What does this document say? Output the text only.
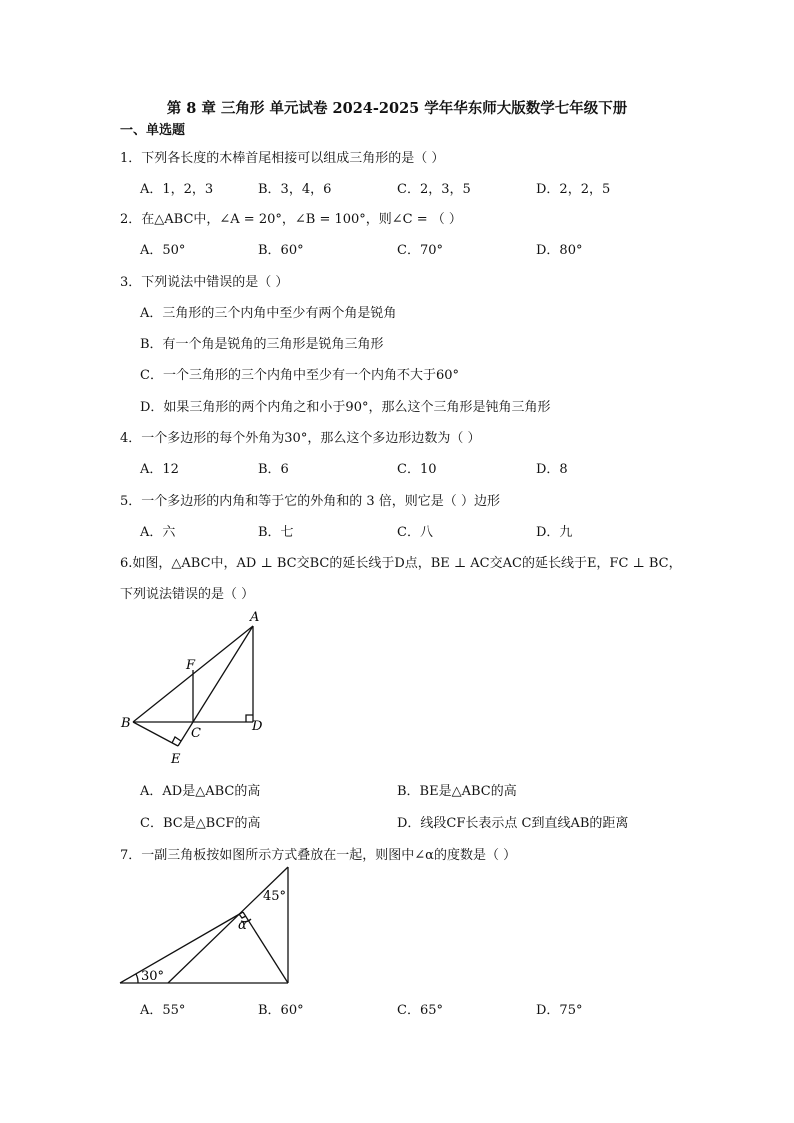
第 8 章 三角形 单元试卷 2024-2025 学年华东师大版数学七年级下册
一、单选题
1．下列各长度的木棒首尾相接可以组成三角形的是（ ）
A．1，2，3	B．3，4，6	C．2，3，5	D．2，2，5
2．在△ABC中，∠A = 20°，∠B = 100°，则∠C = （ ）
A．50°	B．60°	C．70°	D．80°
3．下列说法中错误的是（ ）
A．三角形的三个内角中至少有两个角是锐角
B．有一个角是锐角的三角形是锐角三角形
C．一个三角形的三个内角中至少有一个内角不大于60°
D．如果三角形的两个内角之和小于90°，那么这个三角形是钝角三角形
4．一个多边形的每个外角为30°，那么这个多边形边数为（ ）
A．12	B．6	C．10	D．8
5．一个多边形的内角和等于它的外角和的 3 倍，则它是（ ）边形
A．六	B．七	C．八	D．九
6.如图，△ABC中，AD ⊥ BC交BC的延长线于D点，BE ⊥ AC交AC的延长线于E，FC ⊥ BC，
下列说法错误的是（ ）
A
F
B
C	D
E
A．AD是△ABC的高	B．BE是△ABC的高
C．BC是△BCF的高	D．线段CF长表示点 C到直线AB的距离
7．一副三角板按如图所示方式叠放在一起，则图中∠α的度数是（ ）
45°
α
30°
A．55°	B．60°	C．65°	D．75°
